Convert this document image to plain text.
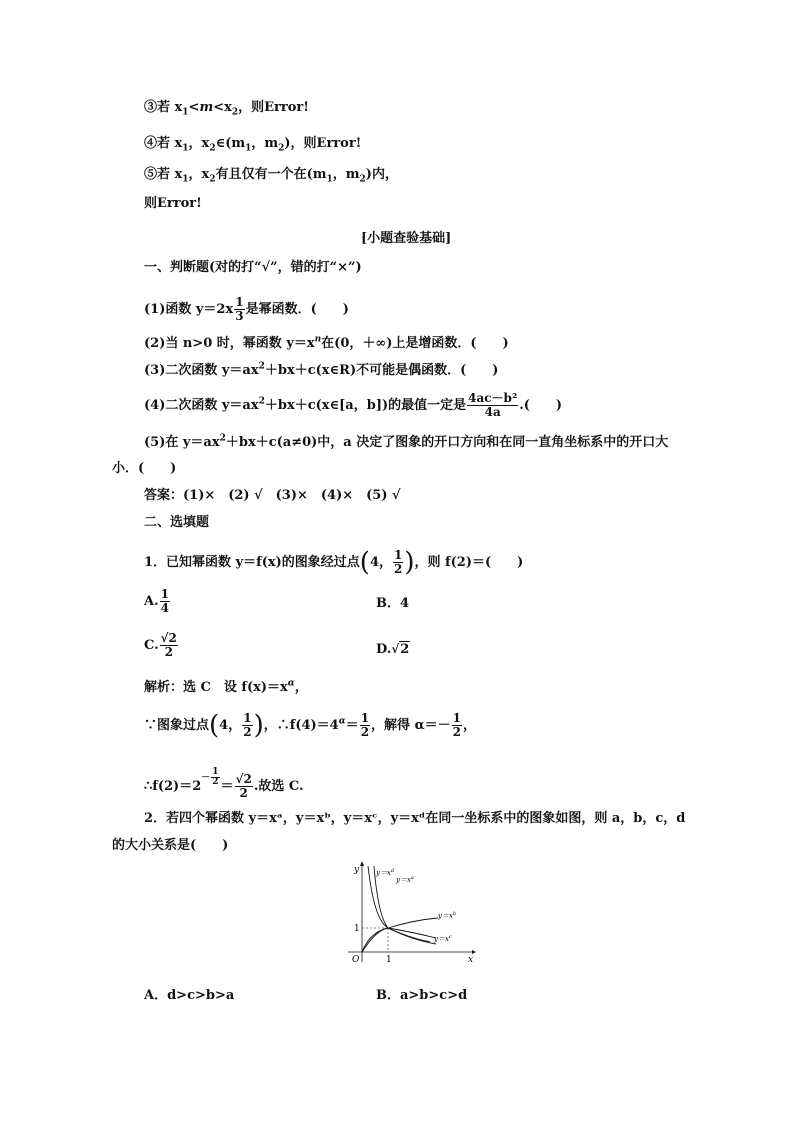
③若 $x_1<m<x_2$，则Error!
④若 $x_1$，$x_2\in(m_1$，$m_2$)，则Error!
⑤若 $x_1$，$x_2$有且仅有一个在($m_1$，$m_2$)内，
则Error!
[小题查验基础]
一、判断题(对的打“√”，错的打“×”)
(1)函数 $y=2x \frac{1}{3}$ 是幂函数．(　　)
(2)当 n>0 时，幂函数 $y=x^n$在(0，＋∞)上是增函数．(　　)
(3)二次函数 $y=ax^2+bx+c(x\in R)$不可能是偶函数．(　　)
(4)二次函数 $y=ax^2+bx+c(x\in[a$，b])的最值一定是 $\frac{\text{4ac－b²}}{4a}$ .(　　)
(5)在 $y=ax^2+bx+c(a\ne 0)$中，a 决定了图象的开口方向和在同一直角坐标系中的开口大
小．(　　)
答案：(1)×　(2) √　(3)×　(4)×　(5) √
二、选填题
1．已知幂函数 y＝f(x)的图象经过点(4， $\frac{1}{2}$ )，则 f(2)＝(　　)
A. $\frac{1}{4}$	B．4
C. $\frac{√2}{2}$	D.√2
解析：选 C　设 $f(x)=x^\alpha$，
∵图象过点(4， $\frac{1}{2}$ )，$\therefore f(4)=4^\alpha= \frac{1}{2}$ ，解得 $\alpha=- \frac{1}{2}$ ，
∴f(2)＝2－ $\frac{1}{2} = \frac{√2}{2}$ .故选 C.
2．若四个幂函数 y＝xᵃ，y＝xᵇ，y＝xᶜ，y＝xᵈ在同一坐标系中的图象如图，则 a，b，c，d
的大小关系是(　　)
y
x
O	1
1
$y=x^d$
$y=x^a$
$y=x^b$
$y=x^c$
A．d>c>b>a	B．a>b>c>d
